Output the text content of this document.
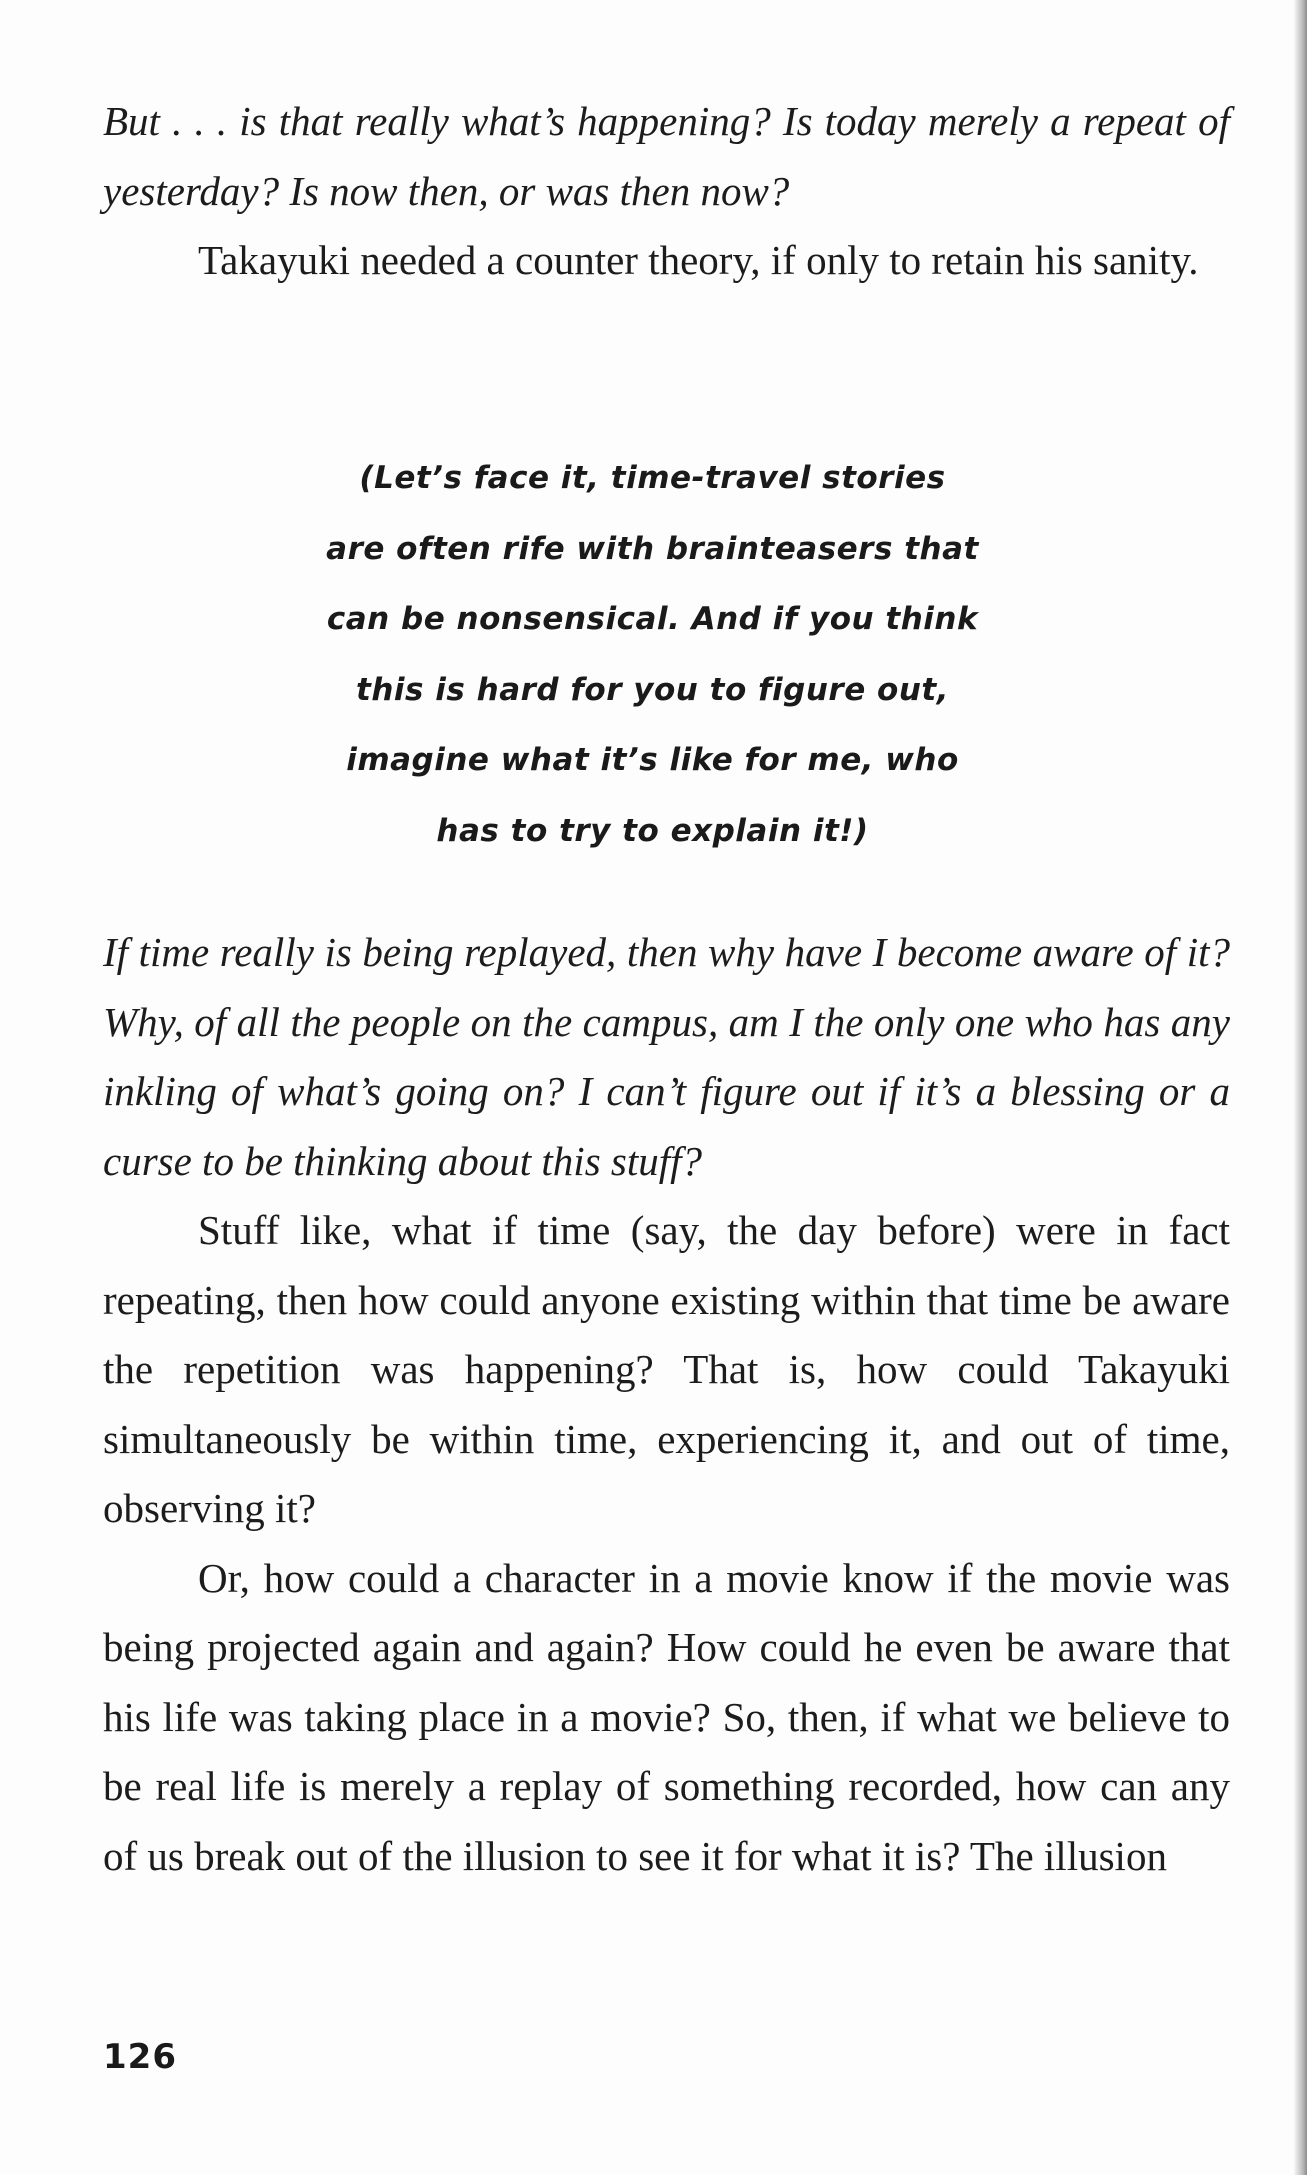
But . . . is that really what’s happening? Is today merely a repeat of yesterday? Is now then, or was then now?

Takayuki needed a counter theory, if only to retain his sanity.

(Let’s face it, time-travel stories
are often rife with brainteasers that
can be nonsensical. And if you think
this is hard for you to figure out,
imagine what it’s like for me, who
has to try to explain it!)

If time really is being replayed, then why have I become aware of it? Why, of all the people on the campus, am I the only one who has any inkling of what’s going on? I can’t figure out if it’s a blessing or a curse to be thinking about this stuff?

Stuff like, what if time (say, the day before) were in fact repeating, then how could anyone existing within that time be aware the repetition was happening? That is, how could Takayuki simultaneously be within time, experiencing it, and out of time, observing it?

Or, how could a character in a movie know if the movie was being projected again and again? How could he even be aware that his life was taking place in a movie? So, then, if what we believe to be real life is merely a replay of something recorded, how can any of us break out of the illusion to see it for what it is? The illusion

126
